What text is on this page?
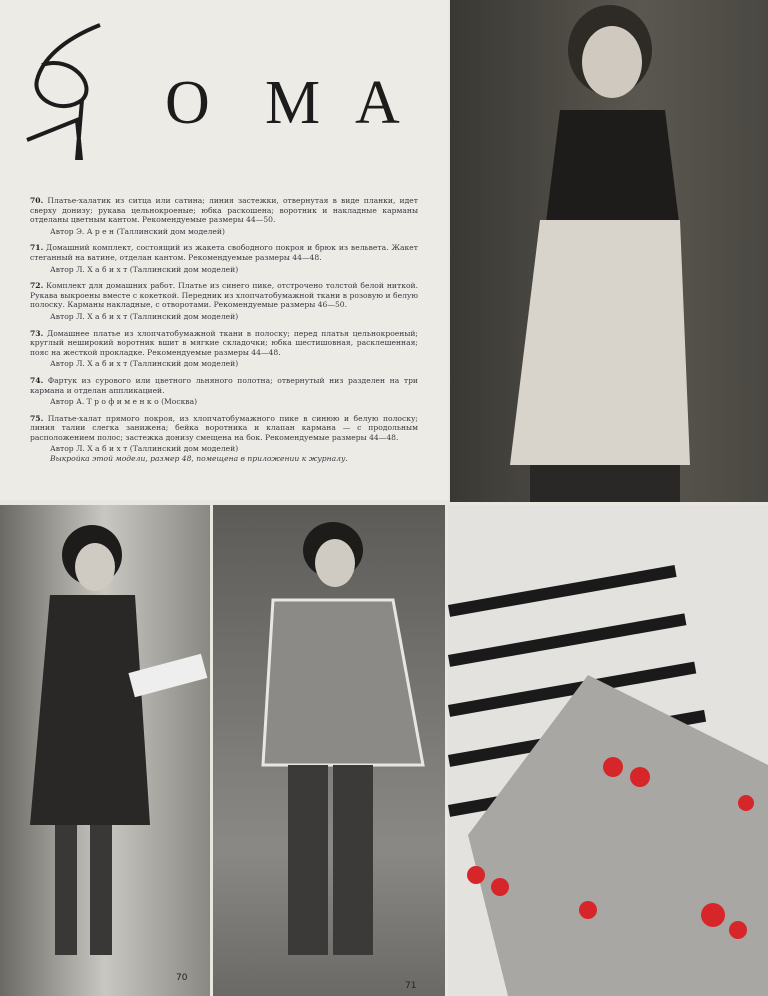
О М А
70. Платье-халатик из ситца или сатина; линия застежки, отвернутая в виде планки, идет сверху донизу; рукава цельнокроеные; юбка раскошена; воротник и накладные карманы отделаны цветным кантом. Рекомендуемые размеры 44—50.
Автор Э. А р е н (Таллинский дом моделей)
71. Домашний комплект, состоящий из жакета свободного покроя и брюк из вельвета. Жакет стеганный на ватине, отделан кантом. Рекомендуемые размеры 44—48.
Автор Л. Х а б и х т (Таллинский дом моделей)
72. Комплект для домашних работ. Платье из синего пике, отстрочено толстой белой ниткой. Рукава выкроены вместе с кокеткой. Передник из хлопчатобумажной ткани в розовую и белую полоску. Карманы накладные, с отворотами. Рекомендуемые размеры 46—50.
Автор Л. Х а б и х т (Таллинский дом моделей)
73. Домашнее платье из хлопчатобумажной ткани в полоску; перед платья цельнокроеный; круглый неширокий воротник вшит в мягкие складочки; юбка шестишовная, расклешенная; пояс на жесткой прокладке. Рекомендуемые размеры 44—48.
Автор Л. Х а б и х т (Таллинский дом моделей)
74. Фартук из сурового или цветного льняного полотна; отвернутый низ разделен на три кармана и отделан аппликацией.
Автор А. Т р о ф и м е н к о (Москва)
75. Платье-халат прямого покроя, из хлопчатобумажного пике в синюю и белую полоску; линия талии слегка занижена; бейка воротника и клапан кармана — с продольным расположением полос; застежка донизу смещена на бок. Рекомендуемые размеры 44—48.
Автор Л. Х а б и х т (Таллинский дом моделей)
Выкройка этой модели, размер 48, помещена в приложении к журналу.
70
71
